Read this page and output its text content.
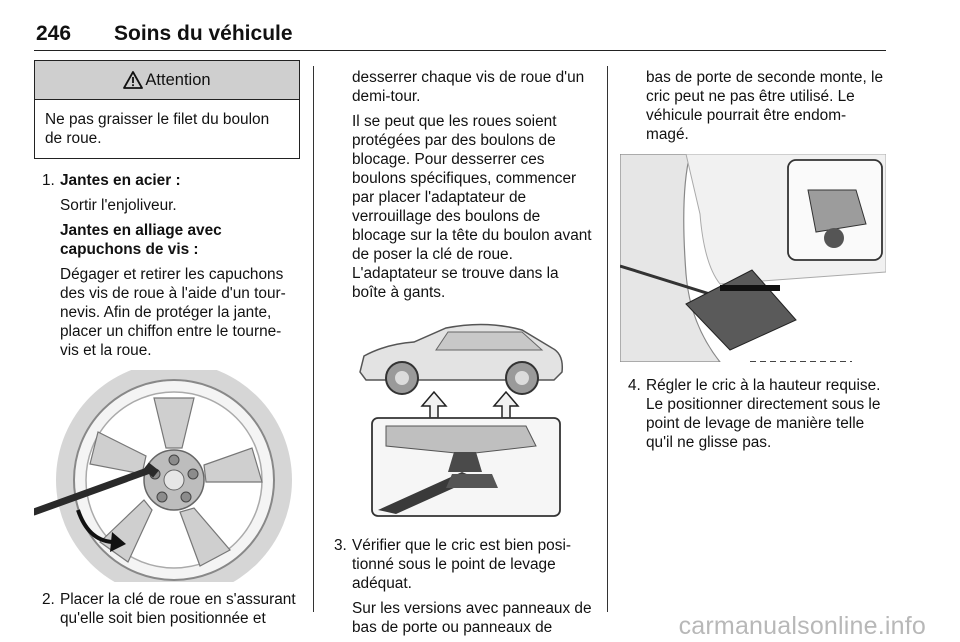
246 Soins du véhicule
Attention

Ne pas graisser le filet du boulon de roue.

1. Jantes en acier :

Sortir l'enjoliveur.

Jantes en alliage avec capuchons de vis :

Dégager et retirer les capuchons des vis de roue à l'aide d'un tour-nevis. Afin de protéger la jante, placer un chiffon entre le tourne-vis et la roue.

2. Placer la clé de roue en s'assurant qu'elle soit bien positionnée et

desserrer chaque vis de roue d'un demi-tour.

Il se peut que les roues soient protégées par des boulons de blocage. Pour desserrer ces boulons spécifiques, commencer par placer l'adaptateur de verrouillage des boulons de blocage sur la tête du boulon avant de poser la clé de roue. L'adaptateur se trouve dans la boîte à gants.

3. Vérifier que le cric est bien posi-tionné sous le point de levage adéquat.

Sur les versions avec panneaux de bas de porte ou panneaux de

bas de porte de seconde monte, le cric peut ne pas être utilisé. Le véhicule pourrait être endom-magé.

4. Régler le cric à la hauteur requise. Le positionner directement sous le point de levage de manière telle qu'il ne glisse pas.

carmanualsonline.info
